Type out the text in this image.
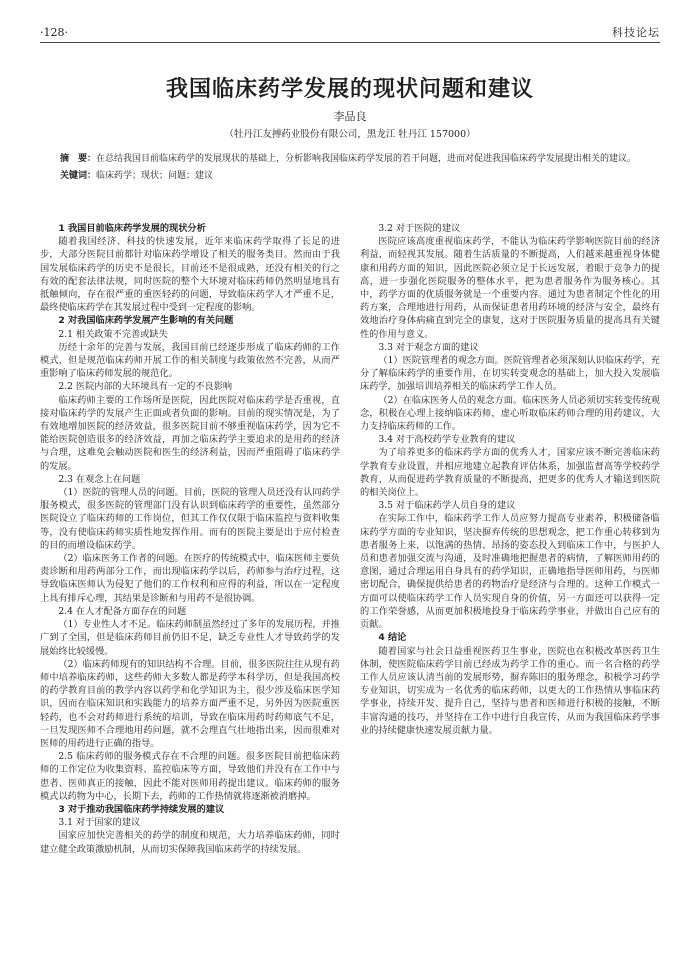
·128·	科技论坛
我国临床药学发展的现状问题和建议
李品良
（牡丹江友搏药业股份有限公司，黑龙江 牡丹江 157000）

摘　要：在总结我国目前临床药学的发展现状的基础上，分析影响我国临床药学发展的若干问题，进而对促进我国临床药学发展提出相关的建议。

关键词：临床药学；现状；问题；建议

1 我国目前临床药学发展的现状分析

随着我国经济、科技的快速发展，近年来临床药学取得了长足的进步，大部分医院目前都针对临床药学增设了相关的服务类目。然而由于我国发展临床药学的历史不是很长，目前还不是很成熟，还没有相关的行之有效的配套法律法规，同时医院的整个大环境对临床药师仍然明显地具有抵触倾向，存在很严重的重医轻药的问题，导致临床药学人才严重不足，最终使临床药学在其发展过程中受到一定程度的影响。

2 对我国临床药学发展产生影响的有关问题
2.1 相关政策不完善或缺失

历经十余年的完善与发展，我国目前已经逐步形成了临床药师的工作模式，但是规范临床药师开展工作的相关制度与政策依然不完善，从而严重影响了临床药师发展的规范化。

2.2 医院内部的大环境具有一定的不良影响

临床药师主要的工作场所是医院，因此医院对临床药学是否重视，直接对临床药学的发展产生正面或者负面的影响。目前的现实情况是，为了有效地增加医院的经济效益，很多医院目前不够重视临床药学，因为它不能给医院创造很多的经济效益，再加之临床药学主要追求的是用药的经济与合理，这难免会触动医院和医生的经济利益，因而严重阻碍了临床药学的发展。

2.3 在观念上在问题

（1）医院的管理人员的问题。目前，医院的管理人员还没有认同药学服务模式，很多医院的管理部门没有认识到临床药学的重要性，虽然部分医院设立了临床药师的工作岗位，但其工作仅仅限于临床监控与资料收集等，没有使临床药师实质性地发挥作用。而有的医院主要是出于应付检查的目的而增设临床药学。

（2）临床医务工作者的问题。在医疗的传统模式中，临床医师主要负责诊断和用药两部分工作，而出现临床药学以后，药师参与治疗过程，这导致临床医师认为侵犯了他们的工作权利和应得的利益，所以在一定程度上具有排斥心理，其结果是诊断和与用药不是很协调。

2.4 在人才配备方面存在的问题

（1）专业性人才不足。临床药师制虽然经过了多年的发展历程，并推广到了全国，但是临床药师目前仍旧不足，缺乏专业性人才导致药学的发展始终比较缓慢。

（2）临床药师现有的知识结构不合理。目前，很多医院往往从现有药师中培养临床药师，这些药师大多数人都是药学本科学历，但是我国高校的药学教育目前的教学内容以药学和化学知识为主，很少涉及临床医学知识，因而在临床知识和实践能力的培养方面严重不足，另外因为医院重医轻药，也不会对药师进行系统的培训，导致在临床用药时药师底气不足，一旦发现医师不合理地用药问题，就不会理直气壮地指出来，因而很难对医师的用药进行正确的指导。

2.5 临床药师的服务模式存在不合理的问题。很多医院目前把临床药师的工作定位为收集资料、监控临床等方面，导致他们并没有在工作中与患者、医师真正的接触，因此不能对医师用药提出建议。临床药师的服务模式以药物为中心，长期下去，药师的工作热情就将逐渐被消磨掉。

3 对于推动我国临床药学持续发展的建议
3.1 对于国家的建议

国家应加快完善相关的药学的制度和规范，大力培养临床药师，同时建立健全政策激励机制，从而切实保障我国临床药学的持续发展。

3.2 对于医院的建议

医院应该高度重视临床药学，不能认为临床药学影响医院目前的经济利益，而轻视其发展。随着生活质量的不断提高，人们越来越重视身体健康和用药方面的知识，因此医院必须立足于长远发展，着眼于竞争力的提高，进一步强化医院服务的整体水平，把为患者服务作为服务核心。其中，药学方面的优质服务就是一个重要内容。通过为患者制定个性化的用药方案，合理地进行用药，从而保证患者用药环境的经济与安全，最终有效地治疗身体病痛直到完全的康复，这对于医院服务质量的提高具有关键性的作用与意义。

3.3 对于观念方面的建议

（1）医院管理者的观念方面。医院管理者必须深刻认识临床药学，充分了解临床药学的重要作用，在切实转变观念的基础上，加大投入发展临床药学，加强培训培养相关的临床药学工作人员。

（2）在临床医务人员的观念方面。临床医务人员必须切实转变传统观念，积极在心理上接纳临床药师，虚心听取临床药师合理的用药建议，大力支持临床药师的工作。

3.4 对于高校药学专业教育的建议

为了培养更多的临床药学方面的优秀人才，国家应该不断完善临床药学教育专业设置，并相应地建立起教育评估体系，加强监督高等学校药学教育，从而促进药学教育质量的不断提高，把更多的优秀人才输送到医院的相关岗位上。

3.5 对于临床药学人员自身的建议

在实际工作中，临床药学工作人员应努力提高专业素养，积极储备临床药学方面的专业知识，坚决摒弃传统的思想观念，把工作重心转移到为患者服务上来，以饱满的热情、昂扬的姿态投入到临床工作中，与医护人员和患者加强交流与沟通，及时准确地把握患者的病情，了解医师用药的意图，通过合理运用自身具有的药学知识，正确地指导医师用药，与医师密切配合，确保提供给患者的药物治疗是经济与合理的。这种工作模式一方面可以使临床药学工作人员实现自身的价值，另一方面还可以获得一定的工作荣誉感，从而更加积极地投身于临床药学事业，并做出自己应有的贡献。

4 结论

随着国家与社会日益重视医药卫生事业，医院也在积极改革医药卫生体制，使医院临床药学目前已经成为药学工作的重心。而一名合格的药学工作人员应该认清当前的发展形势，摒弃陈旧的服务理念，积极学习药学专业知识，切实成为一名优秀的临床药师，以更大的工作热情从事临床药学事业，持续开发、提升自己，坚持与患者和医师进行积极的接触，不断丰富沟通的技巧，并坚持在工作中进行自我宣传，从而为我国临床药学事业的持续健康快速发展贡献力量。
